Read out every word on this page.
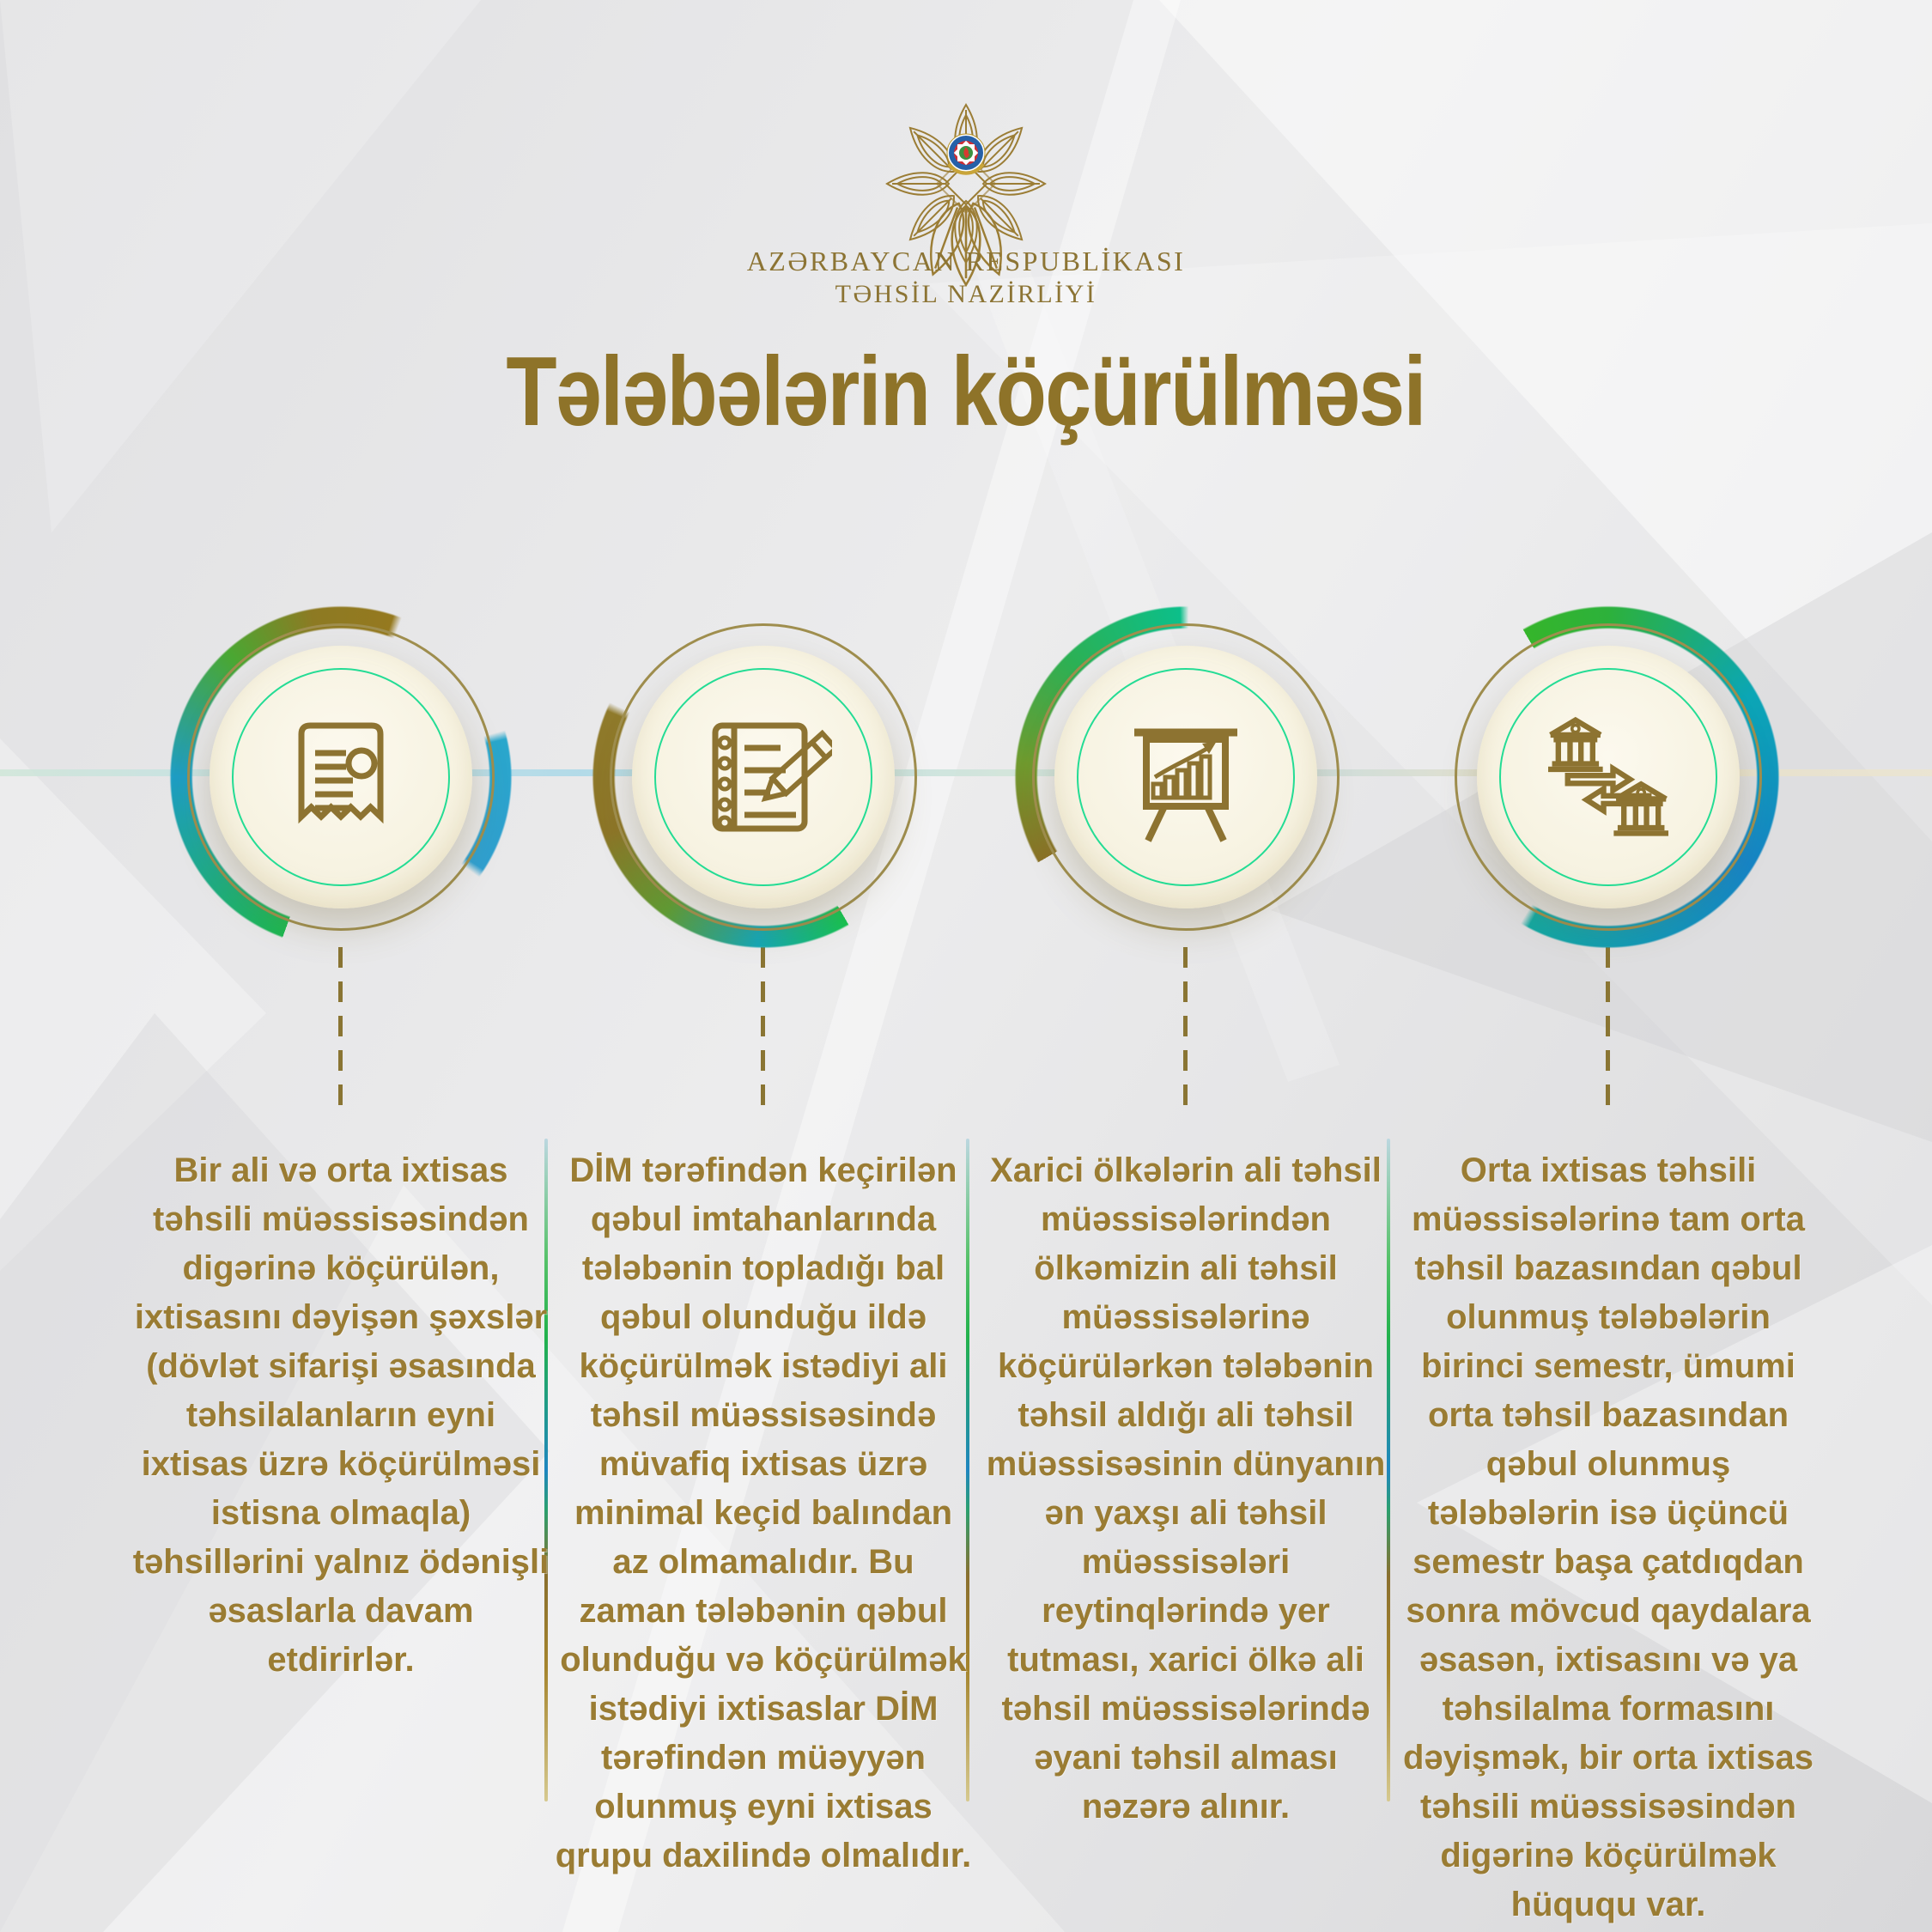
AZƏRBAYCAN RESPUBLİKASI
TƏHSİL NAZİRLİYİ
Tələbələrin köçürülməsi
Bir ali və orta ixtisas təhsili müəssisəsindən digərinə köçürülən, ixtisasını dəyişən şəxslər (dövlət sifarişi əsasında təhsilalanların eyni ixtisas üzrə köçürülməsi istisna olmaqla) təhsillərini yalnız ödənişli əsaslarla davam etdirirlər.
DİM tərəfindən keçirilən qəbul imtahanlarında tələbənin topladığı bal qəbul olunduğu ildə köçürülmək istədiyi ali təhsil müəssisəsində müvafiq ixtisas üzrə minimal keçid balından az olmamalıdır. Bu zaman tələbənin qəbul olunduğu və köçürülmək istədiyi ixtisaslar DİM tərəfindən müəyyən olunmuş eyni ixtisas qrupu daxilində olmalıdır.
Xarici ölkələrin ali təhsil müəssisələrindən ölkəmizin ali təhsil müəssisələrinə köçürülərkən tələbənin təhsil aldığı ali təhsil müəssisəsinin dünyanın ən yaxşı ali təhsil müəssisələri reytinqlərində yer tutması, xarici ölkə ali təhsil müəssisələrində əyani təhsil alması nəzərə alınır.
Orta ixtisas təhsili müəssisələrinə tam orta təhsil bazasından qəbul olunmuş tələbələrin birinci semestr, ümumi orta təhsil bazasından qəbul olunmuş tələbələrin isə üçüncü semestr başa çatdıqdan sonra mövcud qaydalara əsasən, ixtisasını və ya təhsilalma formasını dəyişmək, bir orta ixtisas təhsili müəssisəsindən digərinə köçürülmək hüququ var.
